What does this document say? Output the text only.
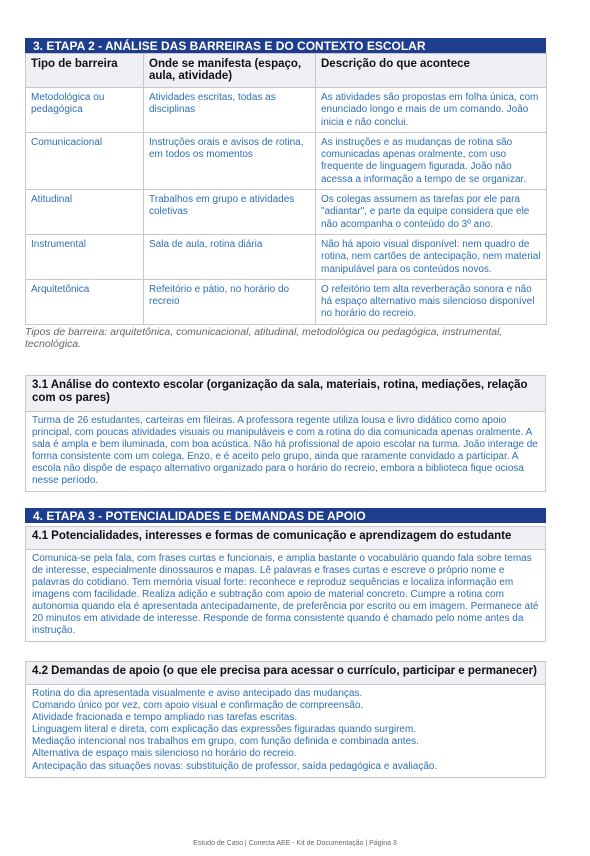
3. ETAPA 2 - ANÁLISE DAS BARREIRAS E DO CONTEXTO ESCOLAR
Tipo de barreira	Onde se manifesta (espaço, aula, atividade)	Descrição do que acontece
Metodológica ou pedagógica	Atividades escritas, todas as disciplinas	As atividades são propostas em folha única, com enunciado longo e mais de um comando. João inicia e não conclui.
Comunicacional	Instruções orais e avisos de rotina, em todos os momentos	As instruções e as mudanças de rotina são comunicadas apenas oralmente, com uso frequente de linguagem figurada. João não acessa a informação a tempo de se organizar.
Atitudinal	Trabalhos em grupo e atividades coletivas	Os colegas assumem as tarefas por ele para "adiantar", e parte da equipe considera que ele não acompanha o conteúdo do 3º ano.
Instrumental	Sala de aula, rotina diária	Não há apoio visual disponível: nem quadro de rotina, nem cartões de antecipação, nem material manipulável para os conteúdos novos.
Arquitetônica	Refeitório e pátio, no horário do recreio	O refeitório tem alta reverberação sonora e não há espaço alternativo mais silencioso disponível no horário do recreio.

Tipos de barreira: arquitetônica, comunicacional, atitudinal, metodológica ou pedagógica, instrumental, tecnológica.

3.1 Análise do contexto escolar (organização da sala, materiais, rotina, mediações, relação com os pares)
Turma de 26 estudantes, carteiras em fileiras. A professora regente utiliza lousa e livro didático como apoio principal, com poucas atividades visuais ou manipuláveis e com a rotina do dia comunicada apenas oralmente. A sala é ampla e bem iluminada, com boa acústica. Não há profissional de apoio escolar na turma. João interage de forma consistente com um colega, Enzo, e é aceito pelo grupo, ainda que raramente convidado a participar. A escola não dispõe de espaço alternativo organizado para o horário do recreio, embora a biblioteca fique ociosa nesse período.
4. ETAPA 3 - POTENCIALIDADES E DEMANDAS DE APOIO
4.1 Potencialidades, interesses e formas de comunicação e aprendizagem do estudante
Comunica-se pela fala, com frases curtas e funcionais, e amplia bastante o vocabulário quando fala sobre temas de interesse, especialmente dinossauros e mapas. Lê palavras e frases curtas e escreve o próprio nome e palavras do cotidiano. Tem memória visual forte: reconhece e reproduz sequências e localiza informação em imagens com facilidade. Realiza adição e subtração com apoio de material concreto. Cumpre a rotina com autonomia quando ela é apresentada antecipadamente, de preferência por escrito ou em imagem. Permanece até 20 minutos em atividade de interesse. Responde de forma consistente quando é chamado pelo nome antes da instrução.
4.2 Demandas de apoio (o que ele precisa para acessar o currículo, participar e permanecer)
Rotina do dia apresentada visualmente e aviso antecipado das mudanças.
Comando único por vez, com apoio visual e confirmação de compreensão.
Atividade fracionada e tempo ampliado nas tarefas escritas.
Linguagem literal e direta, com explicação das expressões figuradas quando surgirem.
Mediação intencional nos trabalhos em grupo, com função definida e combinada antes.
Alternativa de espaço mais silencioso no horário do recreio.
Antecipação das situações novas: substituição de professor, saída pedagógica e avaliação.
Estudo de Caso | Conecta AEE - Kit de Documentação | Página 3
